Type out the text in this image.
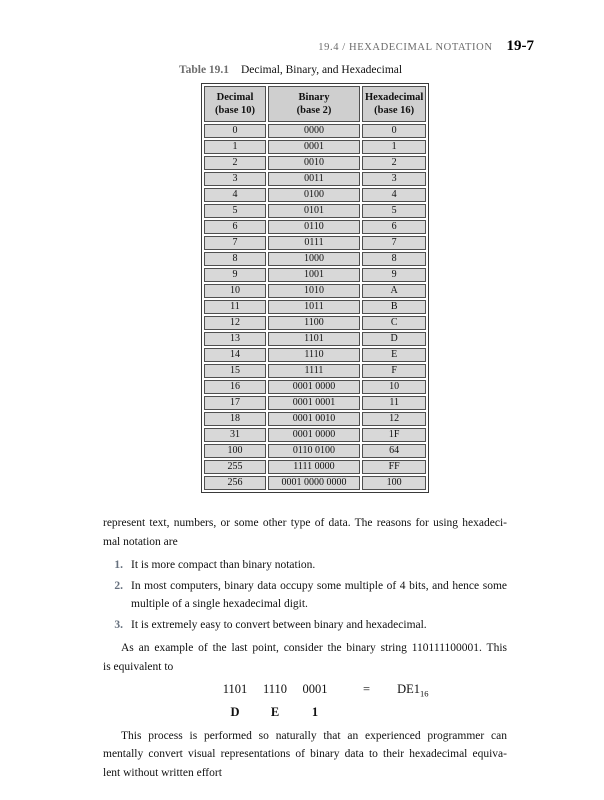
19.4 / HEXADECIMAL NOTATION 19-7
Table 19.1 Decimal, Binary, and Hexadecimal
Decimal
(base 10)

Binary
(base 2)

Hexadecimal
(base 16)

0	0000	0
1	0001	1
2	0010	2
3	0011	3
4	0100	4
5	0101	5
6	0110	6
7	0111	7
8	1000	8
9	1001	9
10	1010	A
11	1011	B
12	1100	C
13	1101	D
14	1110	E
15	1111	F
16	0001 0000	10
17	0001 0001	11
18	0001 0010	12
31	0001 0000	1F
100	0110 0100	64
255	1111 0000	FF
256	0001 0000 0000	100
represent text, numbers, or some other type of data. The reasons for using hexadeci-
mal notation are
1. It is more compact than binary notation.
2. In most computers, binary data occupy some multiple of 4 bits, and hence some
multiple of a single hexadecimal digit.
3. It is extremely easy to convert between binary and hexadecimal.
As an example of the last point, consider the binary string 110111100001. This
is equivalent to
1101 1110 0001	= $DE1_{16}$
D	E	1
This process is performed so naturally that an experienced programmer can
mentally convert visual representations of binary data to their hexadecimal equiva-
lent without written effort
